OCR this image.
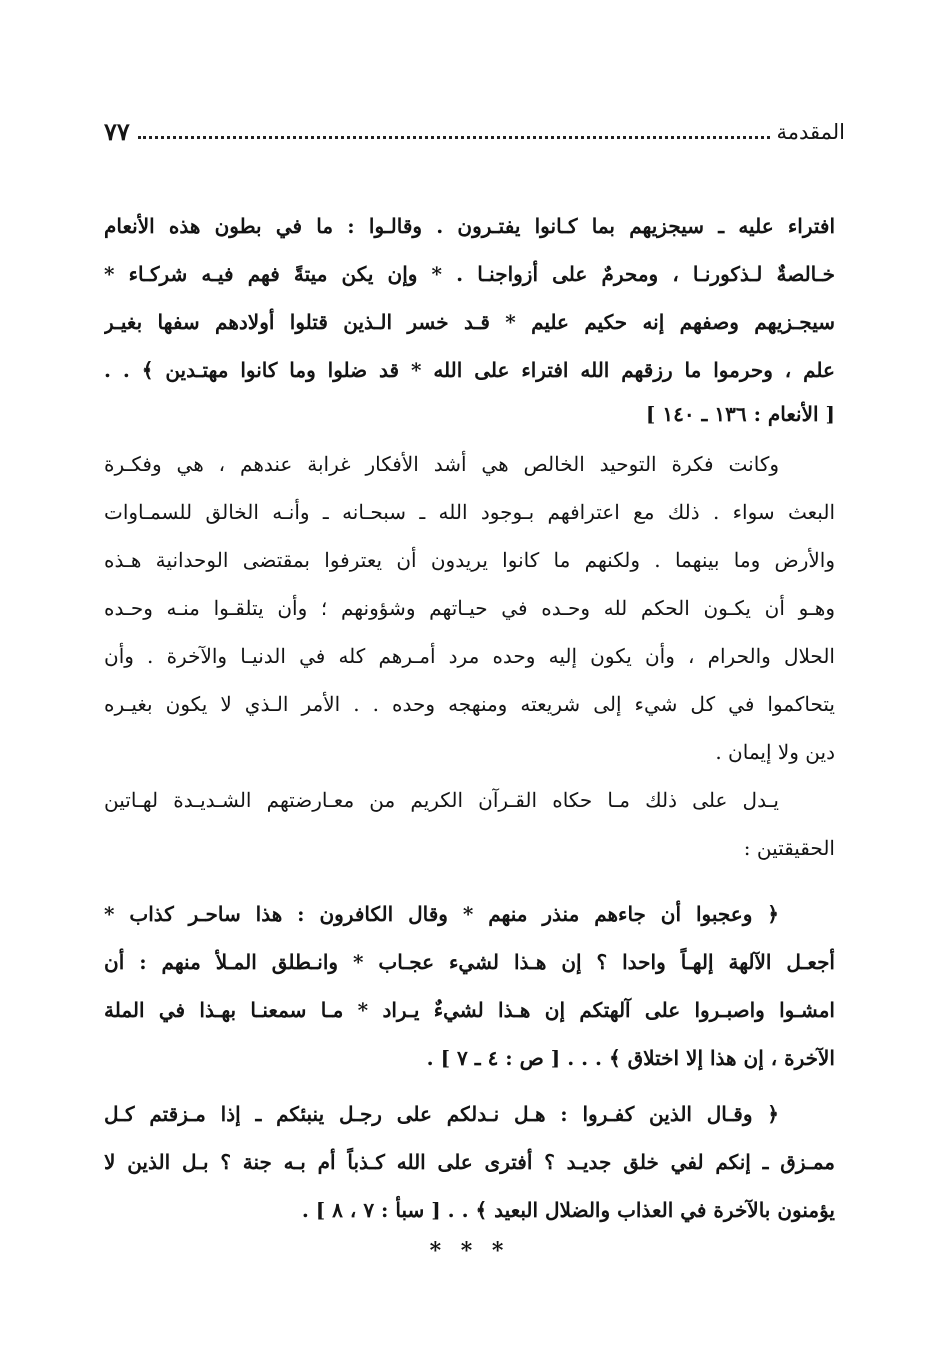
المقدمة
٧٧
افتراء عليه ـ سيجزيهم بما كـانوا يفتـرون . وقالـوا : ما في بطون هذه الأنعام
خـالصةٌ لـذكورنـا ، ومحرمٌ على أزواجنـا . * وإن يكن ميتةً فهم فيـه شركـاء *
سيجـزيهم وصفهم إنه حكيم عليم * قـد خسر الـذين قتلوا أولادهم سفها بغيـر
علم ، وحرموا ما رزقهم الله افتراء على الله * قد ضلوا وما كانوا مهتـدين ﴾ . .
[ الأنعام : ١٣٦ ـ ١٤٠ ]
وكانت فكرة التوحيد الخالص هي أشد الأفكار غرابة عندهم ، هي وفكـرة
البعث سواء . ذلك مع اعترافهم بـوجود الله ـ سبحـانه ـ وأنـه الخالق للسمـاوات
والأرض وما بينهما . ولكنهم ما كانوا يريدون أن يعترفوا بمقتضى الوحدانية هـذه
وهـو أن يكـون الحكم لله وحـده في حيـاتهم وشؤونهم ؛ وأن يتلقـوا منـه وحـده
الحلال والحرام ، وأن يكون إليه وحده مرد أمـرهم كله في الدنيـا والآخرة . وأن
يتحاكموا في كل شيء إلى شريعته ومنهجه وحده . . الأمر الـذي لا يكون بغيـره
دين ولا إيمان .
يـدل على ذلك مـا حكاه القـرآن الكريم من معـارضتهم الشـديـدة لهـاتين
الحقيقتين :
﴿ وعجبوا أن جاءهم منذر منهم * وقال الكافرون : هذا ساحـر كذاب *
أجعـل الآلهة إلهـاً واحدا ؟ إن هـذا لشيء عجـاب * وانـطلق المـلأ منهم : أن
امشـوا واصبـروا على آلهتكم إن هـذا لشيءٌ يـراد * مـا سمعنـا بهـذا في الملة
الآخرة ، إن هذا إلا اختلاق ﴾ . . . [ ص : ٤ ـ ٧ ] .
﴿ وقـال الذين كفـروا : هـل نـدلكم على رجـل ينبئكم ـ إذا مـزقتم كـل
ممـزق ـ إنكم لفي خلق جديـد ؟ أفترى على الله كـذباً أم بـه جنة ؟ بـل الذين لا
يؤمنون بالآخرة في العذاب والضلال البعيد ﴾ . . [ سبأ : ٧ ، ٨ ] .
* * *
